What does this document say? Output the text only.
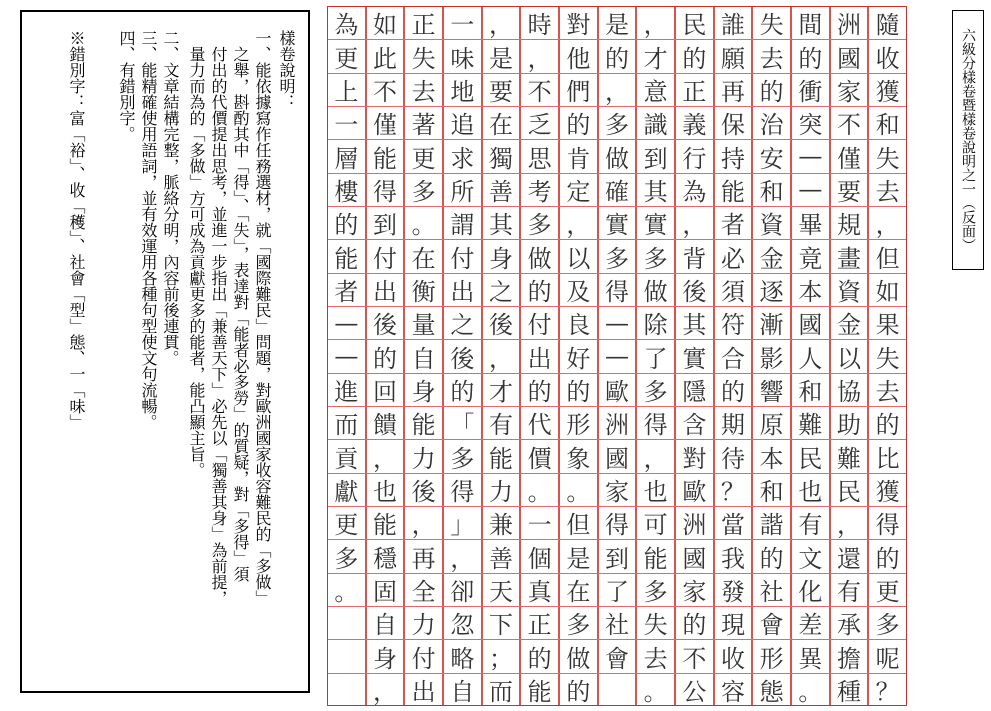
樣卷說明：
一、能依據寫作任務選材，就「國際難民」問題，對歐洲國家收容難民的「多做」
　之舉，斟酌其中「得」、「失」，表達對「能者必多勞」的質疑，對「多得」須
　付出的代價提出思考，並進一步指出「兼善天下」必先以「獨善其身」為前提，
　量力而為的「多做」方可成為貢獻更多的能者，能凸顯主旨。
二、文章結構完整，脈絡分明，內容前後連貫。
三、能精確使用語詞，並有效運用各種句型使文句流暢。
四、有錯別字。
※錯別字：富「裕」、收「穫」、社會「型」態、一「味」
隨
收
獲
和
失
去
，
但
如
果
失
去
的
比
獲
得
的
更
多
呢
？
洲
國
家
不
僅
要
規
畫
資
金
以
協
助
難
民
，
還
有
承
擔
種
間
的
衝
突
—
—
畢
竟
本
國
人
和
難
民
也
有
文
化
差
異
。
失
去
的
治
安
和
資
金
逐
漸
影
響
原
本
和
諧
的
社
會
形
態
誰
願
再
保
持
能
者
必
須
符
合
的
期
待
？
當
我
發
現
收
容
民
的
正
義
行
為
，
背
後
其
實
隱
含
對
歐
洲
國
家
的
不
公
，
才
意
識
到
其
實
多
做
除
了
多
得
，
也
可
能
多
失
去
。
是
的
，
多
做
確
實
多
得
—
—
歐
洲
國
家
得
到
了
社
會
對
他
們
的
肯
定
，
以
及
良
好
的
形
象
。
但
是
在
多
做
的
時
，
不
乏
思
考
多
做
的
付
出
的
代
價
。
一
個
真
正
的
能
，
是
要
在
獨
善
其
身
之
後
，
才
有
能
力
兼
善
天
下
；
而
一
味
地
追
求
所
謂
付
出
之
後
的
「
多
得
」
，
卻
忽
略
自
正
失
去
著
更
多
。
在
衡
量
自
身
能
力
後
，
再
全
力
付
出
如
此
不
僅
能
得
到
付
出
後
的
回
饋
，
也
能
穩
固
自
身
，
為
更
上
一
層
樓
的
能
者
—
—
進
而
貢
獻
更
多
。
六級分樣卷暨樣卷說明之一（反面）
